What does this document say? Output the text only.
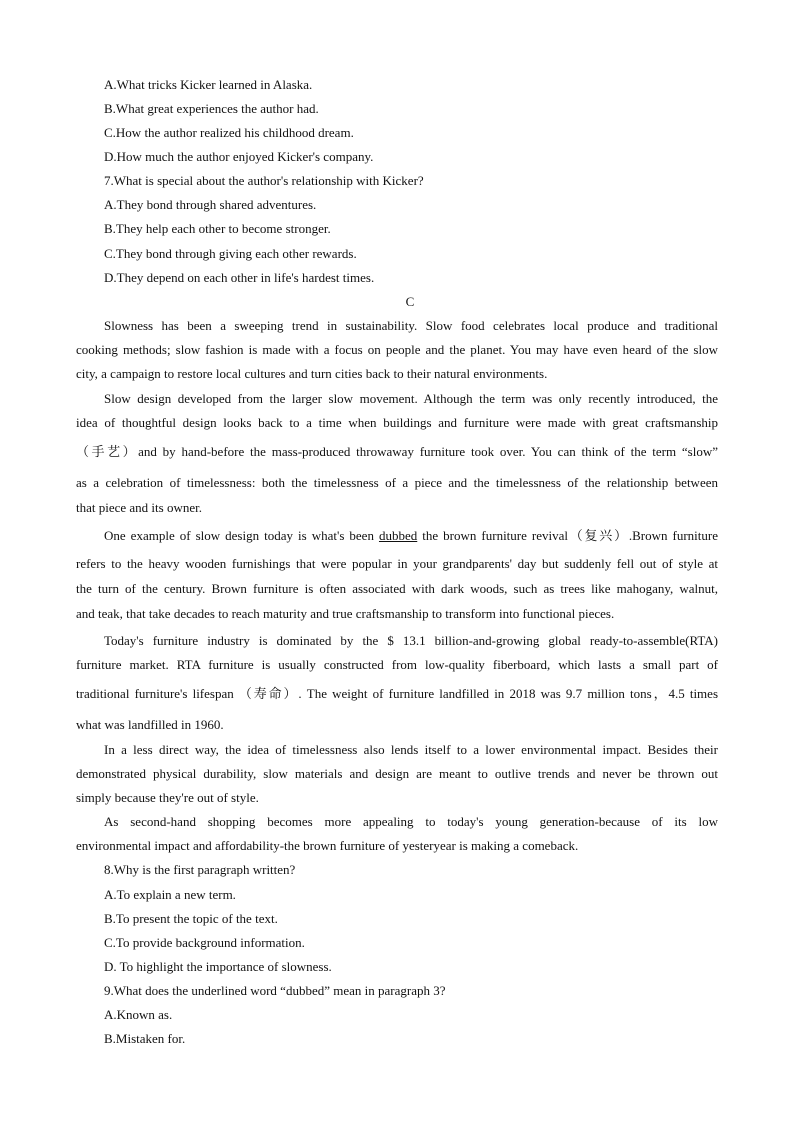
A.What tricks Kicker learned in Alaska.
B.What great experiences the author had.
C.How the author realized his childhood dream.
D.How much the author enjoyed Kicker's company.
7.What is special about the author's relationship with Kicker?
A.They bond through shared adventures.
B.They help each other to become stronger.
C.They bond through giving each other rewards.
D.They depend on each other in life's hardest times.
C
Slowness has been a sweeping trend in sustainability. Slow food celebrates local produce and traditional
cooking methods; slow fashion is made with a focus on people and the planet. You may have even heard of the slow
city, a campaign to restore local cultures and turn cities back to their natural environments.
Slow design developed from the larger slow movement. Although the term was only recently introduced, the
idea of thoughtful design looks back to a time when buildings and furniture were made with great craftsmanship
（手艺）and by hand-before the mass-produced throwaway furniture took over. You can think of the term “slow”
as a celebration of timelessness: both the timelessness of a piece and the timelessness of the relationship between
that piece and its owner.
One example of slow design today is what's been dubbed the brown furniture revival（复兴）.Brown furniture
refers to the heavy wooden furnishings that were popular in your grandparents' day but suddenly fell out of style at
the turn of the century. Brown furniture is often associated with dark woods, such as trees like mahogany, walnut,
and teak, that take decades to reach maturity and true craftsmanship to transform into functional pieces.
Today's furniture industry is dominated by the $ 13.1 billion-and-growing global ready-to-assemble(RTA)
furniture market. RTA furniture is usually constructed from low-quality fiberboard, which lasts a small part of
traditional furniture's lifespan （寿命）. The weight of furniture landfilled in 2018 was 9.7 million tons，4.5 times
what was landfilled in 1960.
In a less direct way, the idea of timelessness also lends itself to a lower environmental impact. Besides their
demonstrated physical durability, slow materials and design are meant to outlive trends and never be thrown out
simply because they're out of style.
As second-hand shopping becomes more appealing to today's young generation-because of its low
environmental impact and affordability-the brown furniture of yesteryear is making a comeback.
8.Why is the first paragraph written?
A.To explain a new term.
B.To present the topic of the text.
C.To provide background information.
D. To highlight the importance of slowness.
9.What does the underlined word “dubbed” mean in paragraph 3?
A.Known as.
B.Mistaken for.
